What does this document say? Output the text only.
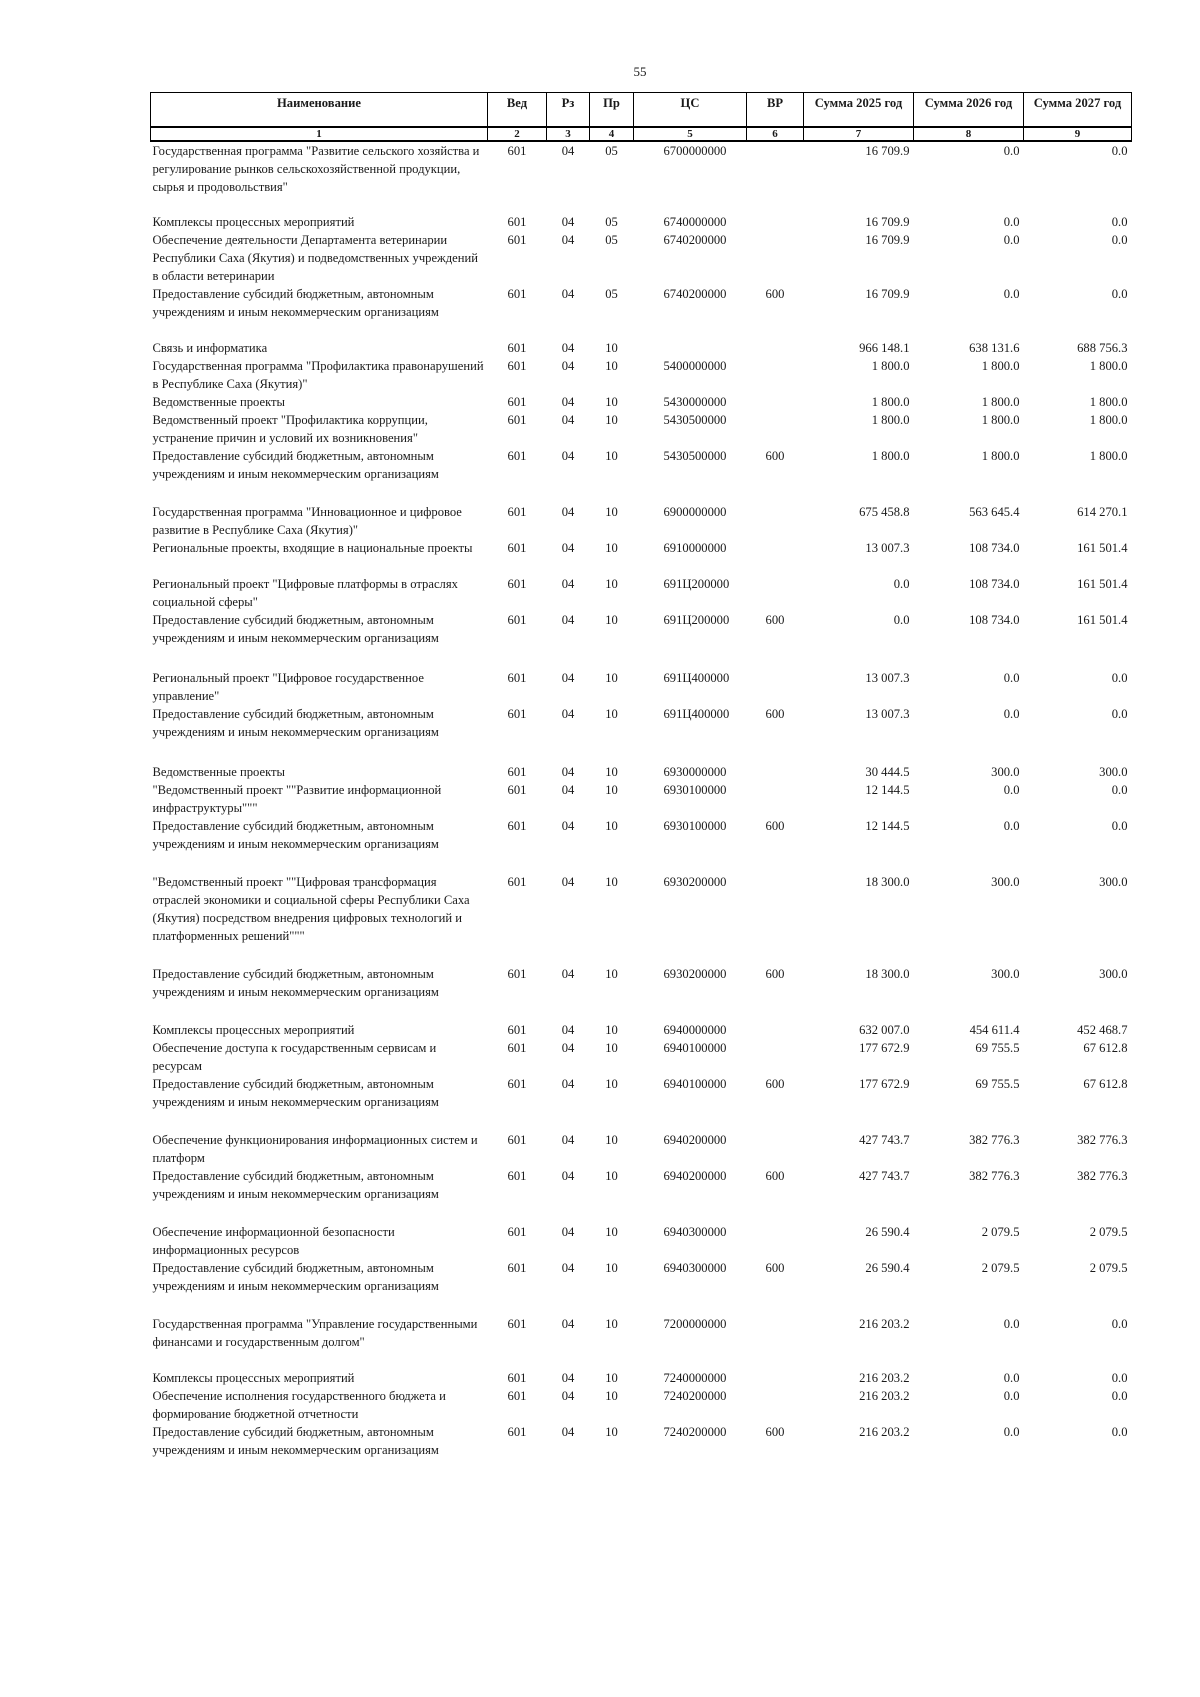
55
Наименование	Вед	Рз	Пр	ЦС	ВР	Сумма 2025 год	Сумма 2026 год	Сумма 2027 год
1	2	3	4	5	6	7	8	9
Государственная программа "Развитие сельского хозяйства и регулирование рынков сельскохозяйственной продукции, сырья и продовольствия"	601	04	05	6700000000		16 709.9	0.0	0.0
Комплексы процессных мероприятий	601	04	05	6740000000		16 709.9	0.0	0.0
Обеспечение деятельности Департамента ветеринарии Республики Саха (Якутия) и подведомственных учреждений в области ветеринарии	601	04	05	6740200000		16 709.9	0.0	0.0
Предоставление субсидий бюджетным, автономным учреждениям и иным некоммерческим организациям	601	04	05	6740200000	600	16 709.9	0.0	0.0
Связь и информатика	601	04	10			966 148.1	638 131.6	688 756.3
Государственная программа "Профилактика правонарушений в Республике Саха (Якутия)"	601	04	10	5400000000		1 800.0	1 800.0	1 800.0
Ведомственные проекты	601	04	10	5430000000		1 800.0	1 800.0	1 800.0
Ведомственный проект "Профилактика коррупции, устранение причин и условий их возникновения"	601	04	10	5430500000		1 800.0	1 800.0	1 800.0
Предоставление субсидий бюджетным, автономным учреждениям и иным некоммерческим организациям	601	04	10	5430500000	600	1 800.0	1 800.0	1 800.0
Государственная программа "Инновационное и цифровое развитие в Республике Саха (Якутия)"	601	04	10	6900000000		675 458.8	563 645.4	614 270.1
Региональные проекты, входящие в национальные проекты	601	04	10	6910000000		13 007.3	108 734.0	161 501.4
Региональный проект "Цифровые платформы в отраслях социальной сферы"	601	04	10	691Ц200000		0.0	108 734.0	161 501.4
Предоставление субсидий бюджетным, автономным учреждениям и иным некоммерческим организациям	601	04	10	691Ц200000	600	0.0	108 734.0	161 501.4
Региональный проект "Цифровое государственное управление"	601	04	10	691Ц400000		13 007.3	0.0	0.0
Предоставление субсидий бюджетным, автономным учреждениям и иным некоммерческим организациям	601	04	10	691Ц400000	600	13 007.3	0.0	0.0
Ведомственные проекты	601	04	10	6930000000		30 444.5	300.0	300.0
"Ведомственный проект ""Развитие информационной инфраструктуры"""	601	04	10	6930100000		12 144.5	0.0	0.0
Предоставление субсидий бюджетным, автономным учреждениям и иным некоммерческим организациям	601	04	10	6930100000	600	12 144.5	0.0	0.0
"Ведомственный проект ""Цифровая трансформация отраслей экономики и социальной сферы Республики Саха (Якутия) посредством внедрения цифровых технологий и платформенных решений"""	601	04	10	6930200000		18 300.0	300.0	300.0
Предоставление субсидий бюджетным, автономным учреждениям и иным некоммерческим организациям	601	04	10	6930200000	600	18 300.0	300.0	300.0
Комплексы процессных мероприятий	601	04	10	6940000000		632 007.0	454 611.4	452 468.7
Обеспечение доступа к государственным сервисам и ресурсам	601	04	10	6940100000		177 672.9	69 755.5	67 612.8
Предоставление субсидий бюджетным, автономным учреждениям и иным некоммерческим организациям	601	04	10	6940100000	600	177 672.9	69 755.5	67 612.8
Обеспечение функционирования информационных систем и платформ	601	04	10	6940200000		427 743.7	382 776.3	382 776.3
Предоставление субсидий бюджетным, автономным учреждениям и иным некоммерческим организациям	601	04	10	6940200000	600	427 743.7	382 776.3	382 776.3
Обеспечение информационной безопасности информационных ресурсов	601	04	10	6940300000		26 590.4	2 079.5	2 079.5
Предоставление субсидий бюджетным, автономным учреждениям и иным некоммерческим организациям	601	04	10	6940300000	600	26 590.4	2 079.5	2 079.5
Государственная программа "Управление государственными финансами и государственным долгом"	601	04	10	7200000000		216 203.2	0.0	0.0
Комплексы процессных мероприятий	601	04	10	7240000000		216 203.2	0.0	0.0
Обеспечение исполнения государственного бюджета и формирование бюджетной отчетности	601	04	10	7240200000		216 203.2	0.0	0.0
Предоставление субсидий бюджетным, автономным учреждениям и иным некоммерческим организациям	601	04	10	7240200000	600	216 203.2	0.0	0.0
